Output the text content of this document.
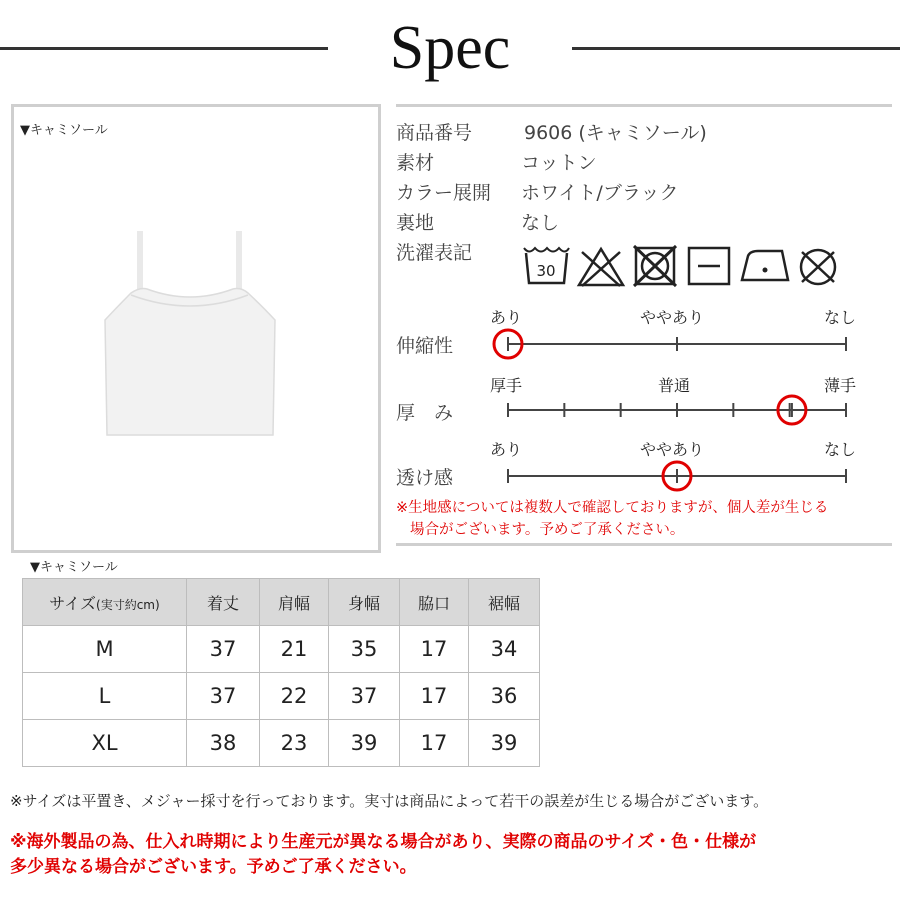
Spec
▼キャミソール	商品番号	9606 (キャミソール)
素材	コットン
カラー展開 ホワイト/ブラック
裏地	なし
洗濯表記
30
伸縮性
あり	ややあり	なし
厚　み
厚手	普通	薄手
透け感
あり	ややあり	なし
※生地感については複数人で確認しておりますが、個人差が生じる
場合がございます。予めご了承ください。
▼キャミソール
サイズ(実寸約cm)	着丈	肩幅	身幅	脇口	裾幅
M	37	21	35	17	34
L	37	22	37	17	36
XL	38	23	39	17	39
※サイズは平置き、メジャー採寸を行っております。実寸は商品によって若干の誤差が生じる場合がございます。
※海外製品の為、仕入れ時期により生産元が異なる場合があり、実際の商品のサイズ・色・仕様が
多少異なる場合がございます。予めご了承ください。
